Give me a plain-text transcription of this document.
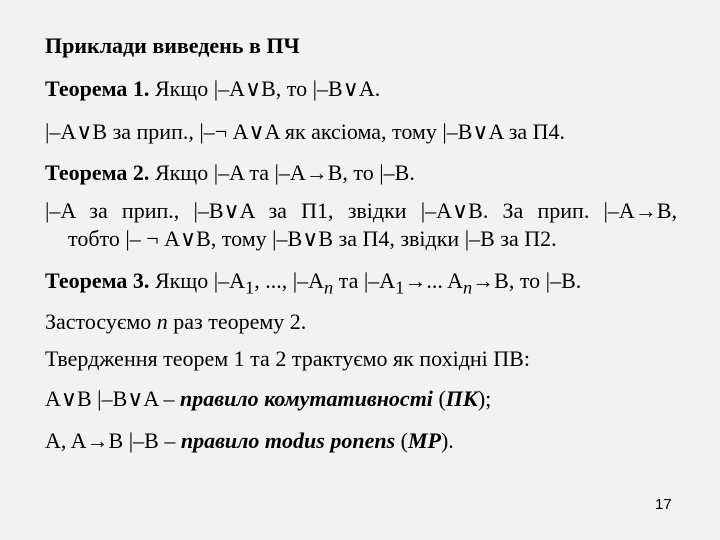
Приклади виведень в ПЧ
Теорема 1. Якщо |–A∨B, то |–B∨A.
|–A∨B за прип., |–¬ A∨A як аксіома, тому |–B∨A за П4.
Теорема 2. Якщо |–A та |–A→B, то |–B.
|–A за прип., |–B∨A за П1, звідки |–A∨B. За прип. |–A→B,
тобто |– ¬ A∨B, тому |–B∨B за П4, звідки |–B за П2.
Теорема 3. Якщо $|-A_1$, ..., $|-A_n$ та $|-A_1\to$... $A_n\to B$, то |–B.
Застосуємо n раз теорему 2.
Твердження теорем 1 та 2 трактуємо як похідні ПВ:
A∨B |–B∨A – правило комутативності (ПК);
A, A→B |–B – правило modus ponens (MP).
17
